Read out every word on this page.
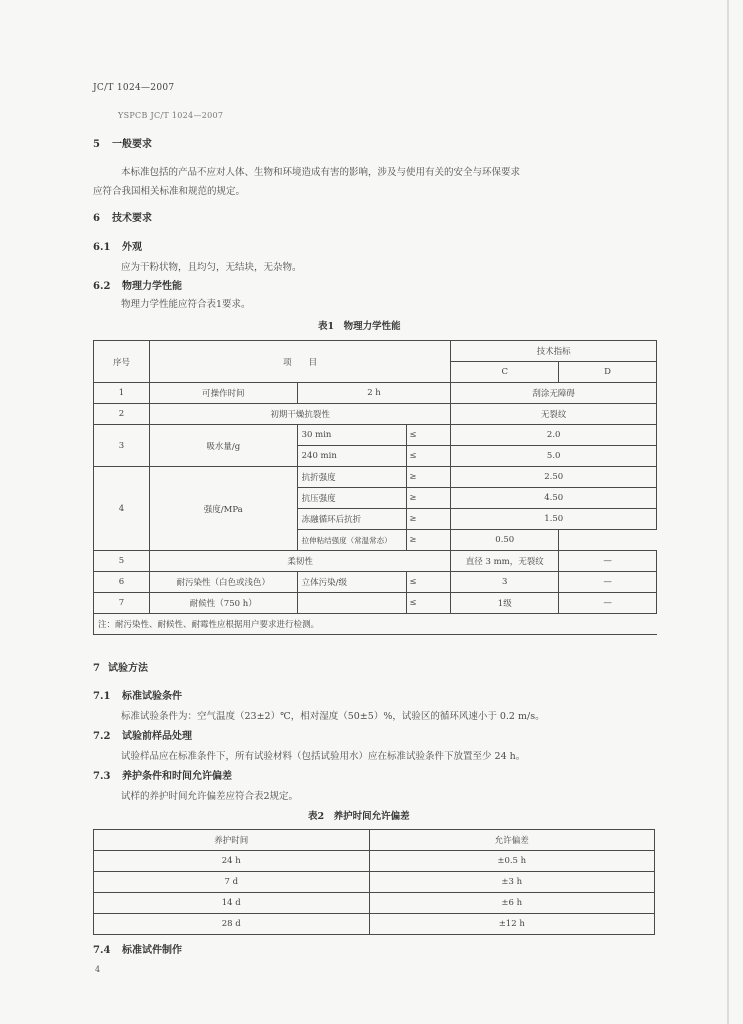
JC/T 1024—2007
YSPCB JC/T 1024—2007
5 一般要求
本标准包括的产品不应对人体、生物和环境造成有害的影响，涉及与使用有关的安全与环保要求
应符合我国相关标准和规范的规定。
6 技术要求
6.1 外观
应为干粉状物，且均匀，无结块，无杂物。
6.2 物理力学性能
物理力学性能应符合表1要求。
表1　物理力学性能
序号	项　　目			技术指标	
				C	D
1	可操作时间	2 h		刮涂无障碍	
2	初期干燥抗裂性			无裂纹	
3	吸水量/g	30 min	≤	2.0	
		240 min	≤	5.0	
4	强度/MPa	抗折强度	≥	2.50	
		抗压强度	≥	4.50	
		冻融循环后抗折	≥	1.50	
		拉伸粘结强度（常温常态）	≥	0.50	
5	柔韧性			直径 3 mm，无裂纹	—
6	耐污染性（白色或浅色）	立体污染/级	≤	3	—
7	耐候性（750 h）		≤	1级	—
注：耐污染性、耐候性、耐霉性应根据用户要求进行检测。					
7 试验方法
7.1 标准试验条件
标准试验条件为：空气温度（23±2）℃，相对湿度（50±5）%，试验区的循环风速小于 0.2 m/s。
7.2 试验前样品处理
试验样品应在标准条件下，所有试验材料（包括试验用水）应在标准试验条件下放置至少 24 h。
7.3 养护条件和时间允许偏差
试样的养护时间允许偏差应符合表2规定。
表2　养护时间允许偏差
养护时间	允许偏差
24 h	±0.5 h
7 d	±3 h
14 d	±6 h
28 d	±12 h
7.4 标准试件制作
4
